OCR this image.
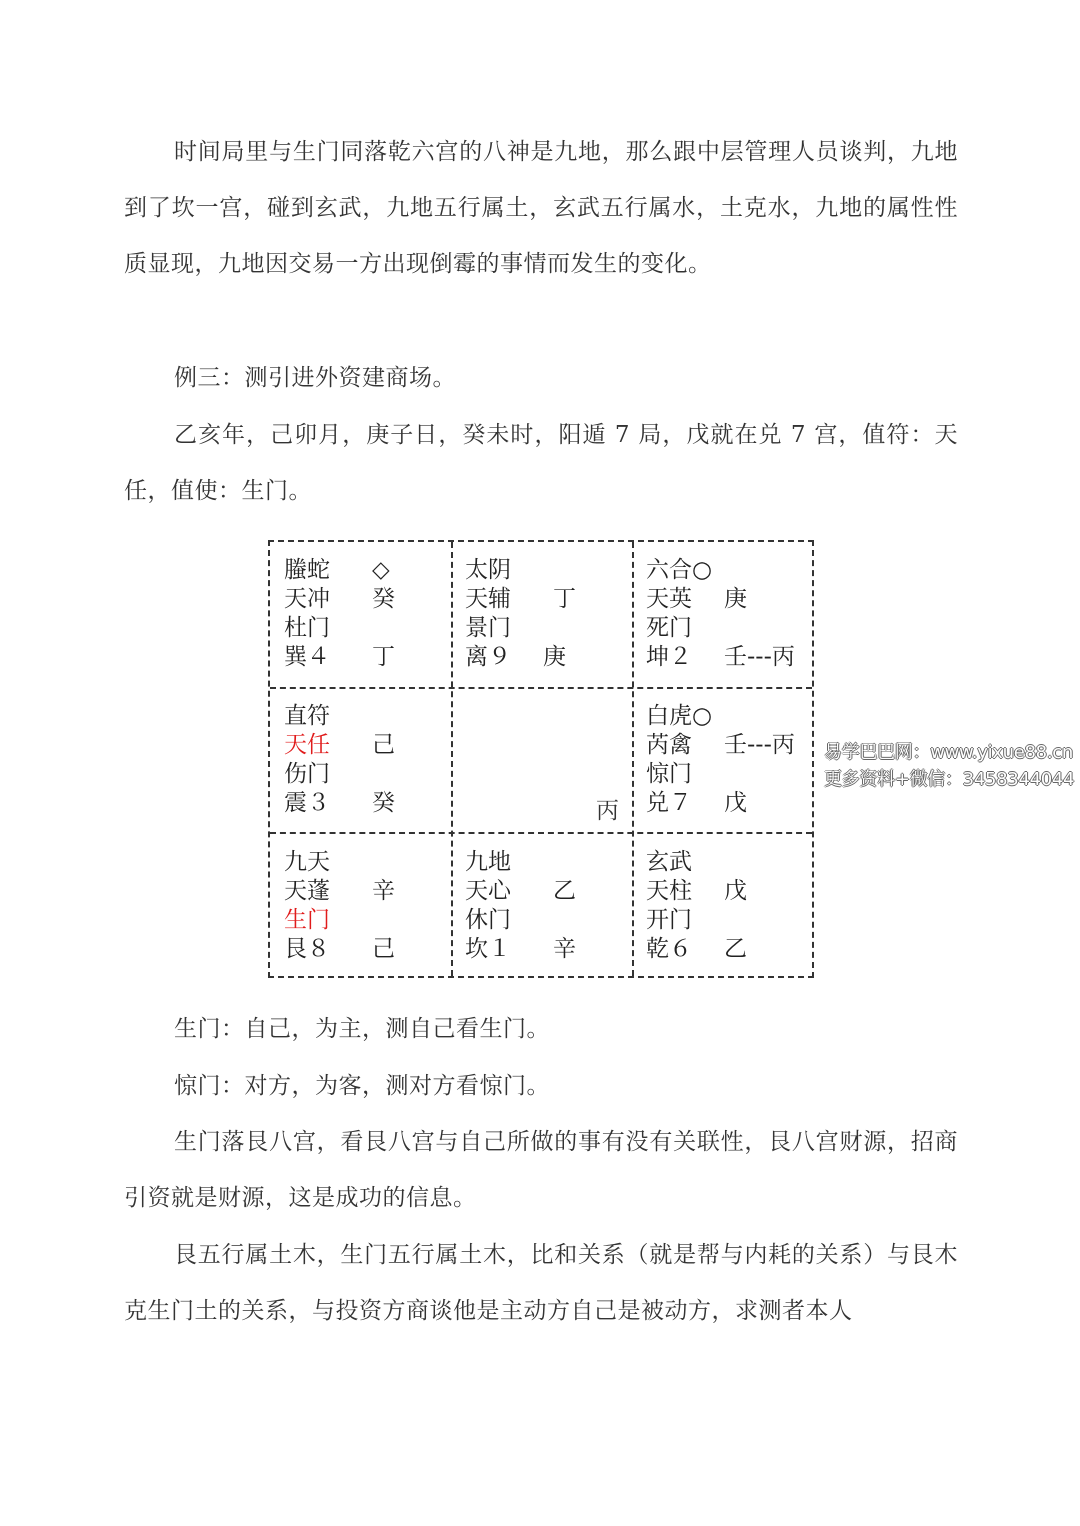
时间局里与生门同落乾六宫的八神是九地，那么跟中层管理人员谈判，九地到了坎一宫，碰到玄武，九地五行属土，玄武五行属水，土克水，九地的属性性质显现，九地因交易一方出现倒霉的事情而发生的变化。

例三：测引进外资建商场。

乙亥年，己卯月，庚子日，癸未时，阳遁 7 局，戊就在兑 7 宫，值符：天任，值使：生门。

螣蛇 ◇
天冲 癸
杜门
巽４ 丁
太阴
天辅 丁
景门
离９ 庚
六合○
天英 庚
死门
坤２ 壬---丙
直符
天任 己
伤门
震３ 癸	丙
白虎○
芮禽 壬---丙
惊门
兑７ 戊
九天
天蓬 辛
生门
艮８ 己
九地
天心 乙
休门
坎１ 辛
玄武
天柱 戊
开门
乾６ 乙
易学巴巴网：www.yixue88.cn
更多资料+微信：3458344044

生门：自己，为主，测自己看生门。

惊门：对方，为客，测对方看惊门。

生门落艮八宫，看艮八宫与自己所做的事有没有关联性，艮八宫财源，招商引资就是财源，这是成功的信息。

艮五行属土木，生门五行属土木，比和关系（就是帮与内耗的关系）与艮木克生门土的关系，与投资方商谈他是主动方自己是被动方，求测者本人
